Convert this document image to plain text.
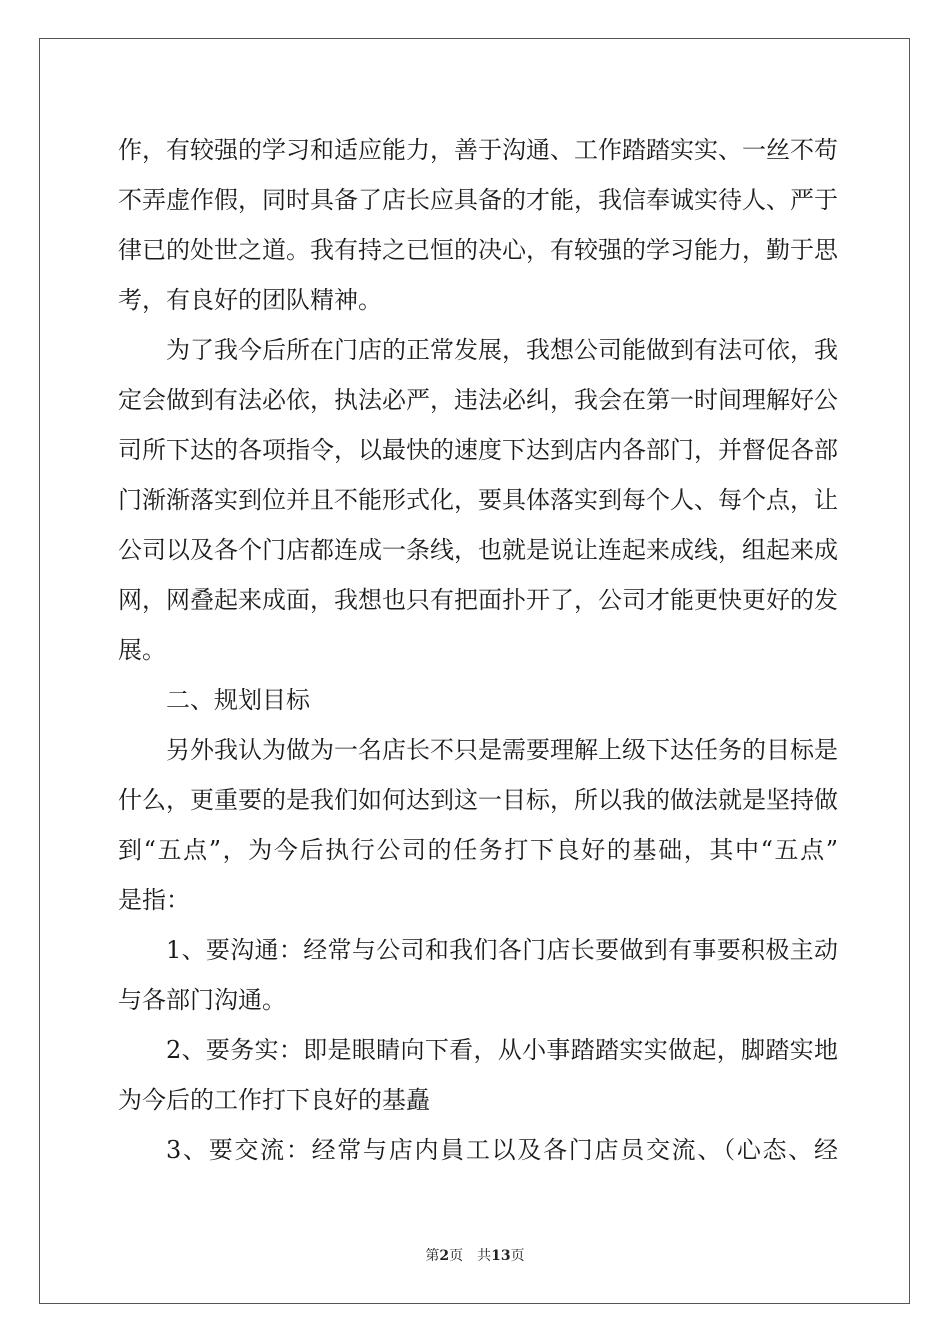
作，有较强的学习和适应能力，善于沟通、工作踏踏实实、一丝不苟
不弄虚作假，同时具备了店长应具备的才能，我信奉诚实待人、严于
律已的处世之道。我有持之已恒的决心，有较强的学习能力，勤于思
考，有良好的团队精神。
为了我今后所在门店的正常发展，我想公司能做到有法可依，我
定会做到有法必依，执法必严，违法必纠，我会在第一时间理解好公
司所下达的各项指令，以最快的速度下达到店内各部门，并督促各部
门渐渐落实到位并且不能形式化，要具体落实到每个人、每个点，让
公司以及各个门店都连成一条线，也就是说让连起来成线，组起来成
网，网叠起来成面，我想也只有把面扑开了，公司才能更快更好的发
展。
二、规划目标
另外我认为做为一名店长不只是需要理解上级下达任务的目标是
什么，更重要的是我们如何达到这一目标，所以我的做法就是坚持做
到“五点”，为今后执行公司的任务打下良好的基础，其中“五点”
是指：
1、要沟通：经常与公司和我们各门店长要做到有事要积极主动
与各部门沟通。
2、要务实：即是眼睛向下看，从小事踏踏实实做起，脚踏实地
为今后的工作打下良好的基矗
3、要交流：经常与店内員工以及各门店员交流、（心态、经
第2页 共13页
